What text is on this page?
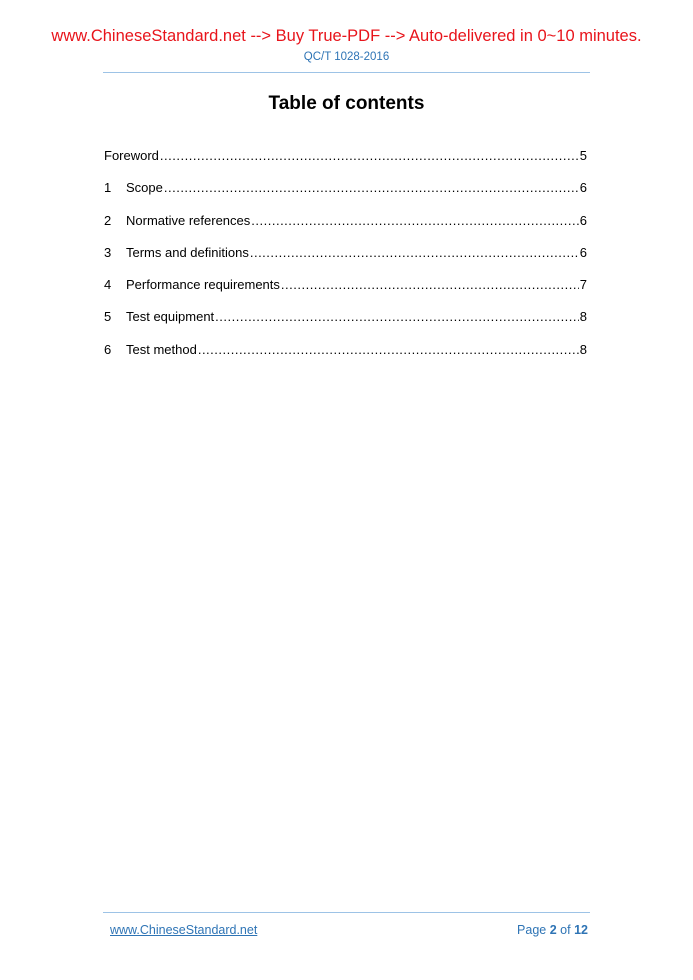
www.ChineseStandard.net --> Buy True-PDF --> Auto-delivered in 0~10 minutes.
QC/T 1028-2016
Table of contents
Foreword .....	5
1	Scope .....	6
2	Normative references .....	6
3	Terms and definitions .....	6
4	Performance requirements .....	7
5	Test equipment .....	8
6	Test method .....	8
www.ChineseStandard.net	Page 2 of 12
